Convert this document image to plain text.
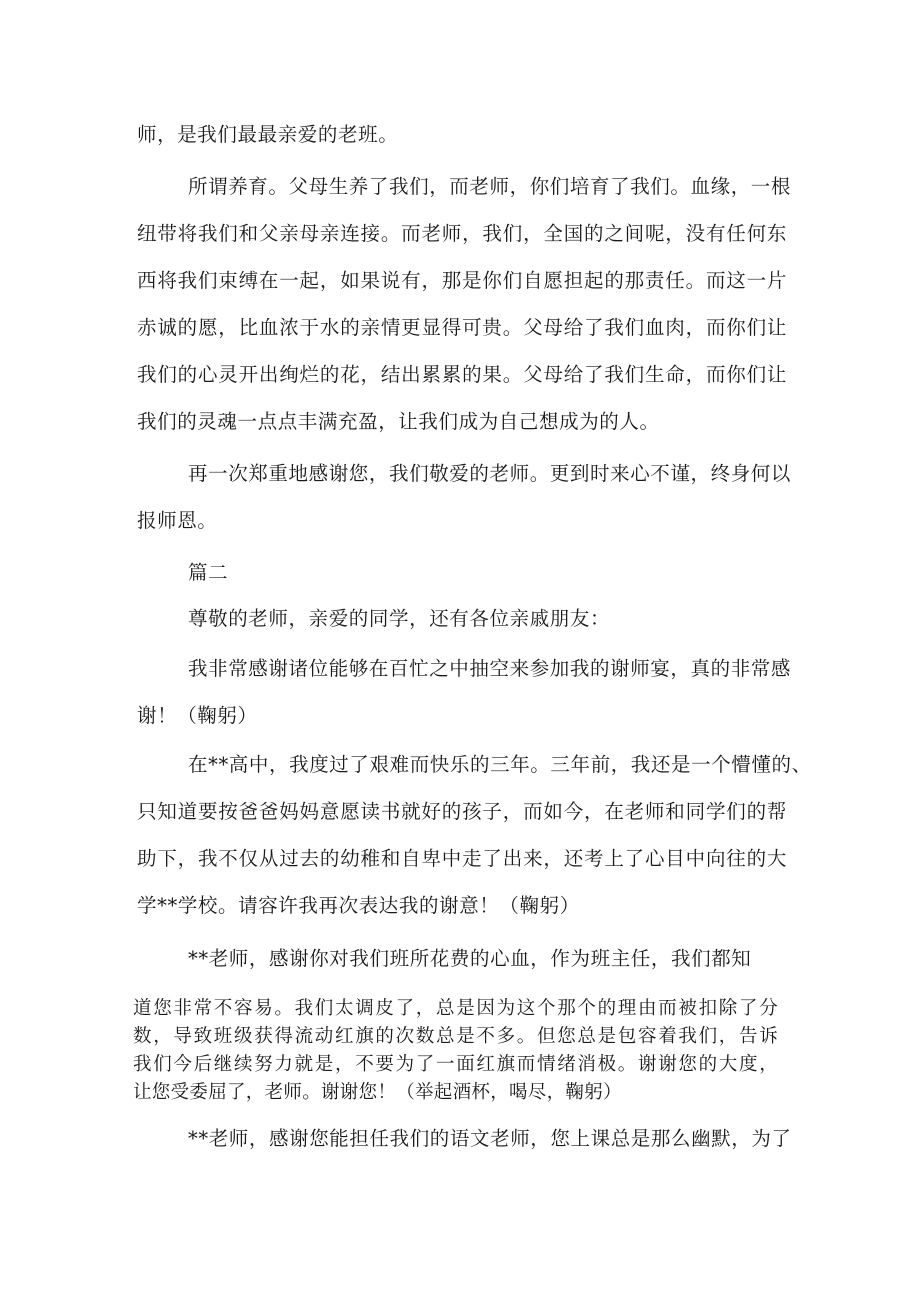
师，是我们最最亲爱的老班。
所谓养育。父母生养了我们，而老师，你们培育了我们。血缘，一根
纽带将我们和父亲母亲连接。而老师，我们，全国的之间呢，没有任何东
西将我们束缚在一起，如果说有，那是你们自愿担起的那责任。而这一片
赤诚的愿，比血浓于水的亲情更显得可贵。父母给了我们血肉，而你们让
我们的心灵开出绚烂的花，结出累累的果。父母给了我们生命，而你们让
我们的灵魂一点点丰满充盈，让我们成为自己想成为的人。
再一次郑重地感谢您，我们敬爱的老师。更到时来心不谨，终身何以
报师恩。
篇二
尊敬的老师，亲爱的同学，还有各位亲戚朋友：
我非常感谢诸位能够在百忙之中抽空来参加我的谢师宴，真的非常感
谢！（鞠躬）
在**高中，我度过了艰难而快乐的三年。三年前，我还是一个懵懂的、
只知道要按爸爸妈妈意愿读书就好的孩子，而如今，在老师和同学们的帮
助下，我不仅从过去的幼稚和自卑中走了出来，还考上了心目中向往的大
学**学校。请容许我再次表达我的谢意！（鞠躬）
**老师，感谢你对我们班所花费的心血，作为班主任，我们都知
道您非常不容易。我们太调皮了，总是因为这个那个的理由而被扣除了分
数，导致班级获得流动红旗的次数总是不多。但您总是包容着我们，告诉
我们今后继续努力就是，不要为了一面红旗而情绪消极。谢谢您的大度，
让您受委屈了，老师。谢谢您！（举起酒杯，喝尽，鞠躬）
**老师，感谢您能担任我们的语文老师，您上课总是那么幽默，为了
